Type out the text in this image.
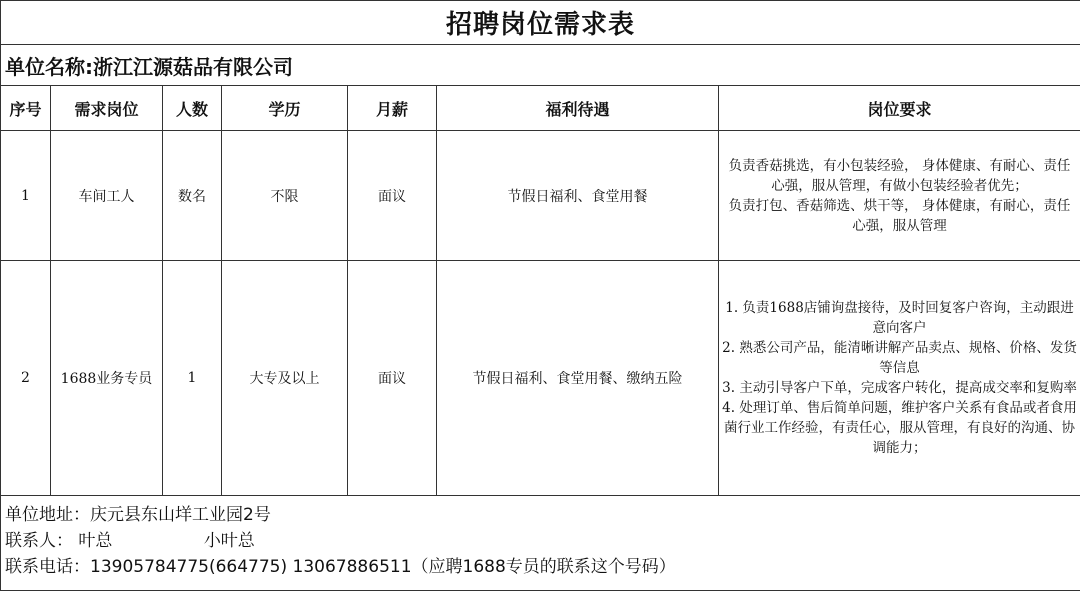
招聘岗位需求表						
单位名称:浙江江源菇品有限公司						
序号	需求岗位	人数	学历	月薪	福利待遇	岗位要求
1	车间工人	数名	不限	面议	节假日福利、食堂用餐	负责香菇挑选，有小包装经验， 身体健康、有耐心、责任心强，服从管理，有做小包装经验者优先；

负责打包、香菇筛选、烘干等， 身体健康，有耐心，责任心强，服从管理

2	1688业务专员	1	大专及以上	面议	节假日福利、食堂用餐、缴纳五险	1. 负责1688店铺询盘接待，及时回复客户咨询，主动跟进意向客户

2. 熟悉公司产品，能清晰讲解产品卖点、规格、价格、发货等信息

3. 主动引导客户下单，完成客户转化，提高成交率和复购率

4. 处理订单、售后简单问题，维护客户关系有食品或者食用菌行业工作经验，有责任心，服从管理，有良好的沟通、协调能力；

单位地址：庆元县东山垟工业园2号
联系人： 叶总 小叶总
联系电话：13905784775(664775) 13067886511（应聘1688专员的联系这个号码）						
